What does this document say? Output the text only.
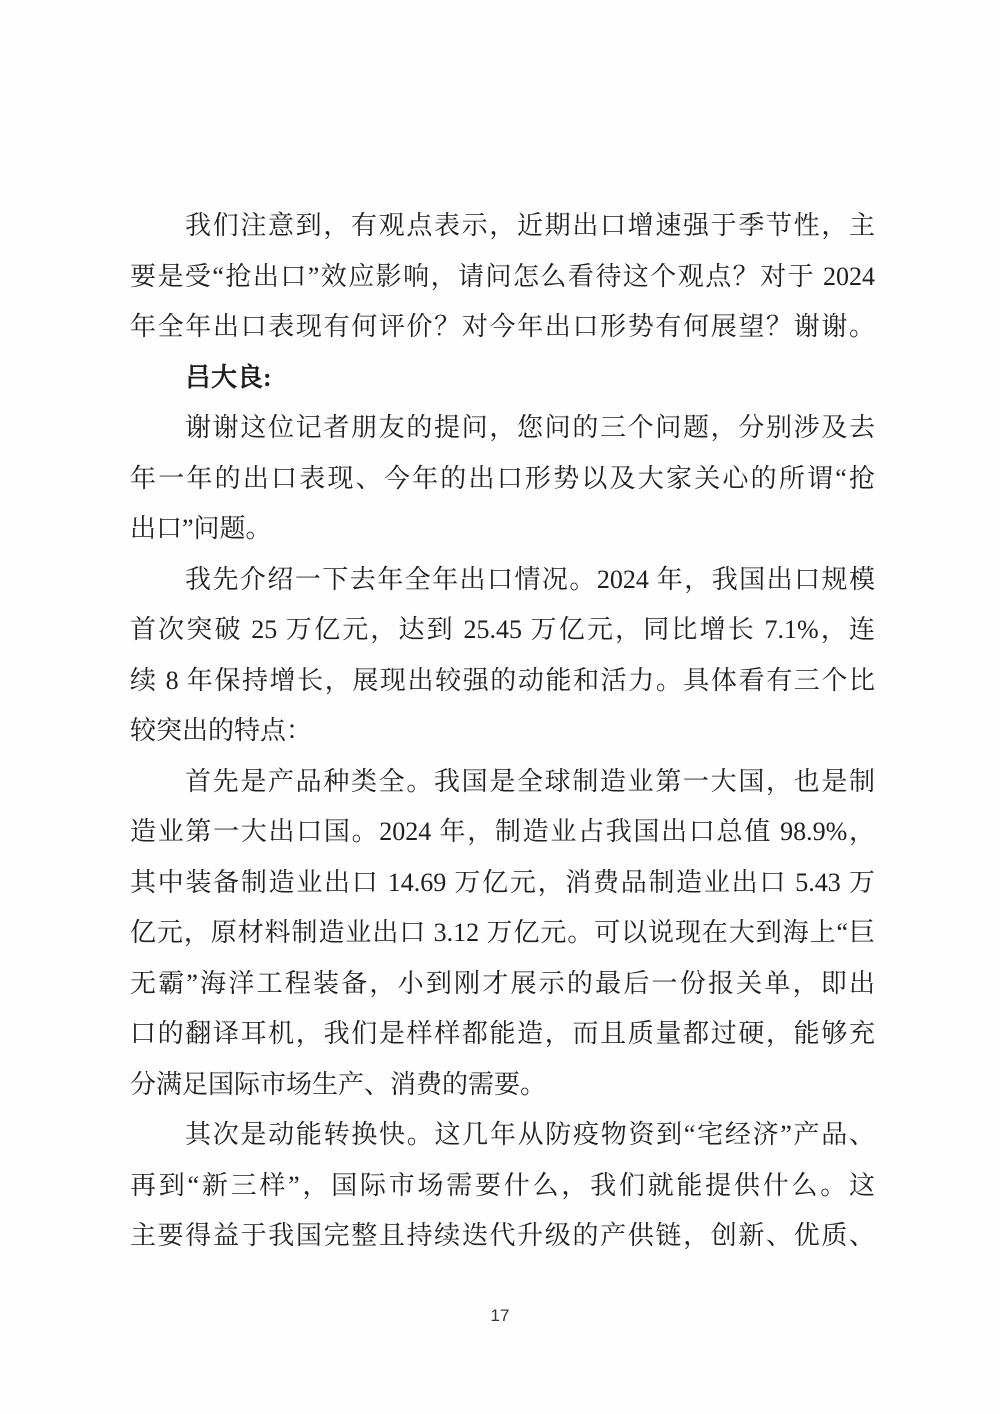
我们注意到，有观点表示，近期出口增速强于季节性，主
要是受“抢出口”效应影响，请问怎么看待这个观点？对于 2024
年全年出口表现有何评价？对今年出口形势有何展望？谢谢。
吕大良:
谢谢这位记者朋友的提问，您问的三个问题，分别涉及去
年一年的出口表现、今年的出口形势以及大家关心的所谓“抢
出口”问题。
我先介绍一下去年全年出口情况。2024 年，我国出口规模
首次突破 25 万亿元，达到 25.45 万亿元，同比增长 7.1%，连
续 8 年保持增长，展现出较强的动能和活力。具体看有三个比
较突出的特点：
首先是产品种类全。我国是全球制造业第一大国，也是制
造业第一大出口国。2024 年，制造业占我国出口总值 98.9%，
其中装备制造业出口 14.69 万亿元，消费品制造业出口 5.43 万
亿元，原材料制造业出口 3.12 万亿元。可以说现在大到海上“巨
无霸”海洋工程装备，小到刚才展示的最后一份报关单，即出
口的翻译耳机，我们是样样都能造，而且质量都过硬，能够充
分满足国际市场生产、消费的需要。
其次是动能转换快。这几年从防疫物资到“宅经济”产品、
再到“新三样”，国际市场需要什么，我们就能提供什么。这
主要得益于我国完整且持续迭代升级的产供链，创新、优质、
17
